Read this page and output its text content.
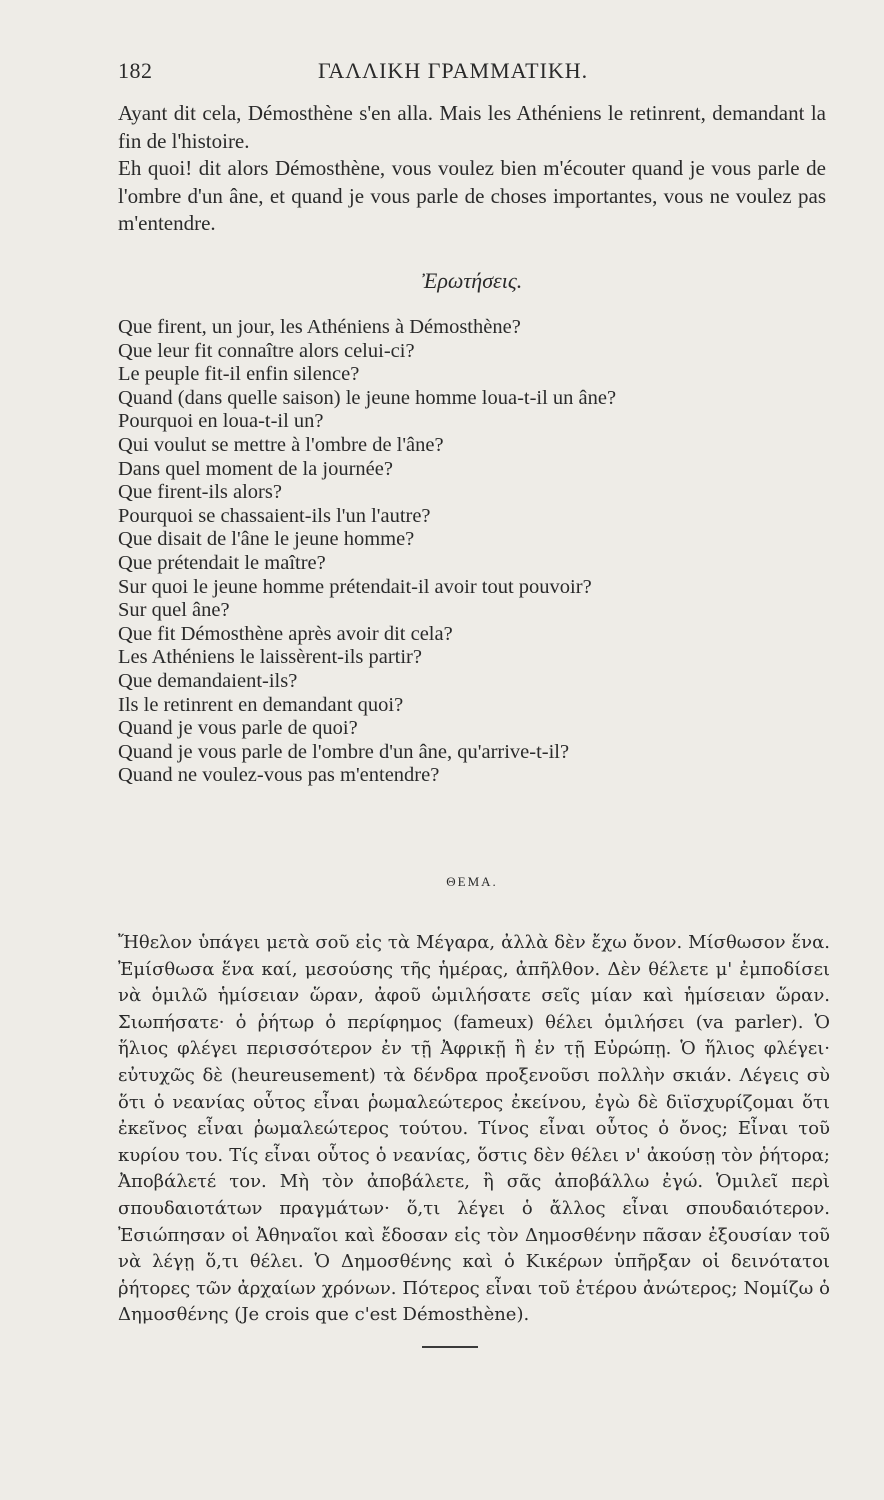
182	ΓΑΛΛΙΚΗ ΓΡΑΜΜΑΤΙΚΗ.

Ayant dit cela, Démosthène s'en alla. Mais les Athéniens le retinrent, demandant la fin de l'histoire.

Eh quoi! dit alors Démosthène, vous voulez bien m'écouter quand je vous parle de l'ombre d'un âne, et quand je vous parle de choses importantes, vous ne voulez pas m'entendre.

Ἐρωτήσεις.
Que firent, un jour, les Athéniens à Démosthène?
Que leur fit connaître alors celui-ci?
Le peuple fit-il enfin silence?
Quand (dans quelle saison) le jeune homme loua-t-il un âne?
Pourquoi en loua-t-il un?
Qui voulut se mettre à l'ombre de l'âne?
Dans quel moment de la journée?
Que firent-ils alors?
Pourquoi se chassaient-ils l'un l'autre?
Que disait de l'âne le jeune homme?
Que prétendait le maître?
Sur quoi le jeune homme prétendait-il avoir tout pouvoir?
Sur quel âne?
Que fit Démosthène après avoir dit cela?
Les Athéniens le laissèrent-ils partir?
Que demandaient-ils?
Ils le retinrent en demandant quoi?
Quand je vous parle de quoi?
Quand je vous parle de l'ombre d'un âne, qu'arrive-t-il?
Quand ne voulez-vous pas m'entendre?
ΘΕΜΑ.
Ἤθελον ὑπάγει μετὰ σοῦ εἰς τὰ Μέγαρα, ἀλλὰ δὲν ἔχω ὄνον. Μίσθωσον ἕνα. Ἐμίσθωσα ἕνα καί, μεσούσης τῆς ἡμέρας, ἀπῆλθον. Δὲν θέλετε μ' ἐμποδίσει νὰ ὁμιλῶ ἡμίσειαν ὥραν, ἀφοῦ ὡμιλήσατε σεῖς μίαν καὶ ἡμίσειαν ὥραν. Σιωπήσατε· ὁ ῥήτωρ ὁ περίφημος (fameux) θέλει ὁμιλήσει (va parler). Ὁ ἥλιος φλέγει περισσότερον ἐν τῇ Ἀφρικῇ ἢ ἐν τῇ Εὐρώπῃ. Ὁ ἥλιος φλέγει· εὐτυχῶς δὲ (heureusement) τὰ δένδρα προξενοῦσι πολλὴν σκιάν. Λέγεις σὺ ὅτι ὁ νεανίας οὗτος εἶναι ῥωμαλεώτερος ἐκείνου, ἐγὼ δὲ διϊσχυρίζομαι ὅτι ἐκεῖνος εἶναι ῥωμαλεώτερος τούτου. Τίνος εἶναι οὗτος ὁ ὄνος; Εἶναι τοῦ κυρίου του. Τίς εἶναι οὗτος ὁ νεανίας, ὅστις δὲν θέλει ν' ἀκούσῃ τὸν ῥήτορα; Ἀποβάλετέ τον. Μὴ τὸν ἀποβάλετε, ἢ σᾶς ἀποβάλλω ἐγώ. Ὁμιλεῖ περὶ σπουδαιοτάτων πραγμάτων· ὅ,τι λέγει ὁ ἄλλος εἶναι σπουδαιότερον. Ἐσιώπησαν οἱ Ἀθηναῖοι καὶ ἔδοσαν εἰς τὸν Δημοσθένην πᾶσαν ἐξουσίαν τοῦ νὰ λέγῃ ὅ,τι θέλει. Ὁ Δημοσθένης καὶ ὁ Κικέρων ὑπῆρξαν οἱ δεινότατοι ῥήτορες τῶν ἀρχαίων χρόνων. Πότερος εἶναι τοῦ ἑτέρου ἀνώτερος; Νομίζω ὁ Δημοσθένης (Je crois que c'est Démosthène).
